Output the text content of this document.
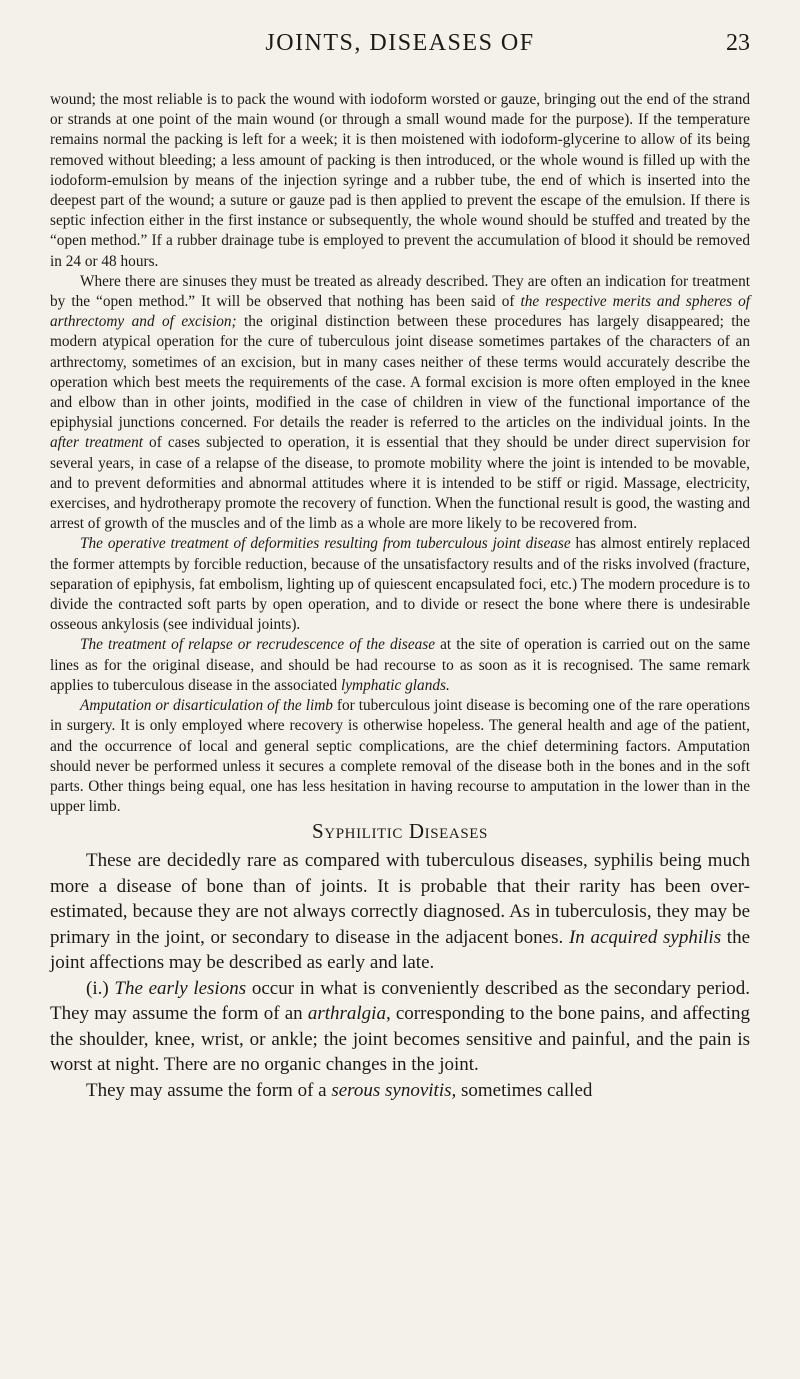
JOINTS, DISEASES OF	23

wound; the most reliable is to pack the wound with iodoform worsted or gauze, bringing out the end of the strand or strands at one point of the main wound (or through a small wound made for the purpose). If the temperature remains normal the packing is left for a week; it is then moistened with iodoform-glycerine to allow of its being removed without bleeding; a less amount of packing is then introduced, or the whole wound is filled up with the iodoform-emulsion by means of the injection syringe and a rubber tube, the end of which is inserted into the deepest part of the wound; a suture or gauze pad is then applied to prevent the escape of the emulsion. If there is septic infection either in the first instance or subsequently, the whole wound should be stuffed and treated by the “open method.” If a rubber drainage tube is employed to prevent the accumulation of blood it should be removed in 24 or 48 hours.

Where there are sinuses they must be treated as already described. They are often an indication for treatment by the “open method.” It will be observed that nothing has been said of the respective merits and spheres of arthrectomy and of excision; the original distinction between these procedures has largely disappeared; the modern atypical operation for the cure of tuberculous joint disease sometimes partakes of the characters of an arthrectomy, sometimes of an excision, but in many cases neither of these terms would accurately describe the operation which best meets the requirements of the case. A formal excision is more often employed in the knee and elbow than in other joints, modified in the case of children in view of the functional importance of the epiphysial junctions concerned. For details the reader is referred to the articles on the individual joints. In the after treatment of cases subjected to operation, it is essential that they should be under direct supervision for several years, in case of a relapse of the disease, to promote mobility where the joint is intended to be movable, and to prevent deformities and abnormal attitudes where it is intended to be stiff or rigid. Massage, electricity, exercises, and hydrotherapy promote the recovery of function. When the functional result is good, the wasting and arrest of growth of the muscles and of the limb as a whole are more likely to be recovered from.

The operative treatment of deformities resulting from tuberculous joint disease has almost entirely replaced the former attempts by forcible reduction, because of the unsatisfactory results and of the risks involved (fracture, separation of epiphysis, fat embolism, lighting up of quiescent encapsulated foci, etc.) The modern procedure is to divide the contracted soft parts by open operation, and to divide or resect the bone where there is undesirable osseous ankylosis (see individual joints).

The treatment of relapse or recrudescence of the disease at the site of operation is carried out on the same lines as for the original disease, and should be had recourse to as soon as it is recognised. The same remark applies to tuberculous disease in the associated lymphatic glands.

Amputation or disarticulation of the limb for tuberculous joint disease is becoming one of the rare operations in surgery. It is only employed where recovery is otherwise hopeless. The general health and age of the patient, and the occurrence of local and general septic complications, are the chief determining factors. Amputation should never be performed unless it secures a complete removal of the disease both in the bones and in the soft parts. Other things being equal, one has less hesitation in having recourse to amputation in the lower than in the upper limb.

Syphilitic Diseases

These are decidedly rare as compared with tuberculous diseases, syphilis being much more a disease of bone than of joints. It is probable that their rarity has been over-estimated, because they are not always correctly diagnosed. As in tuberculosis, they may be primary in the joint, or secondary to disease in the adjacent bones. In acquired syphilis the joint affections may be described as early and late.

(i.) The early lesions occur in what is conveniently described as the secondary period. They may assume the form of an arthralgia, corresponding to the bone pains, and affecting the shoulder, knee, wrist, or ankle; the joint becomes sensitive and painful, and the pain is worst at night. There are no organic changes in the joint.

They may assume the form of a serous synovitis, sometimes called
